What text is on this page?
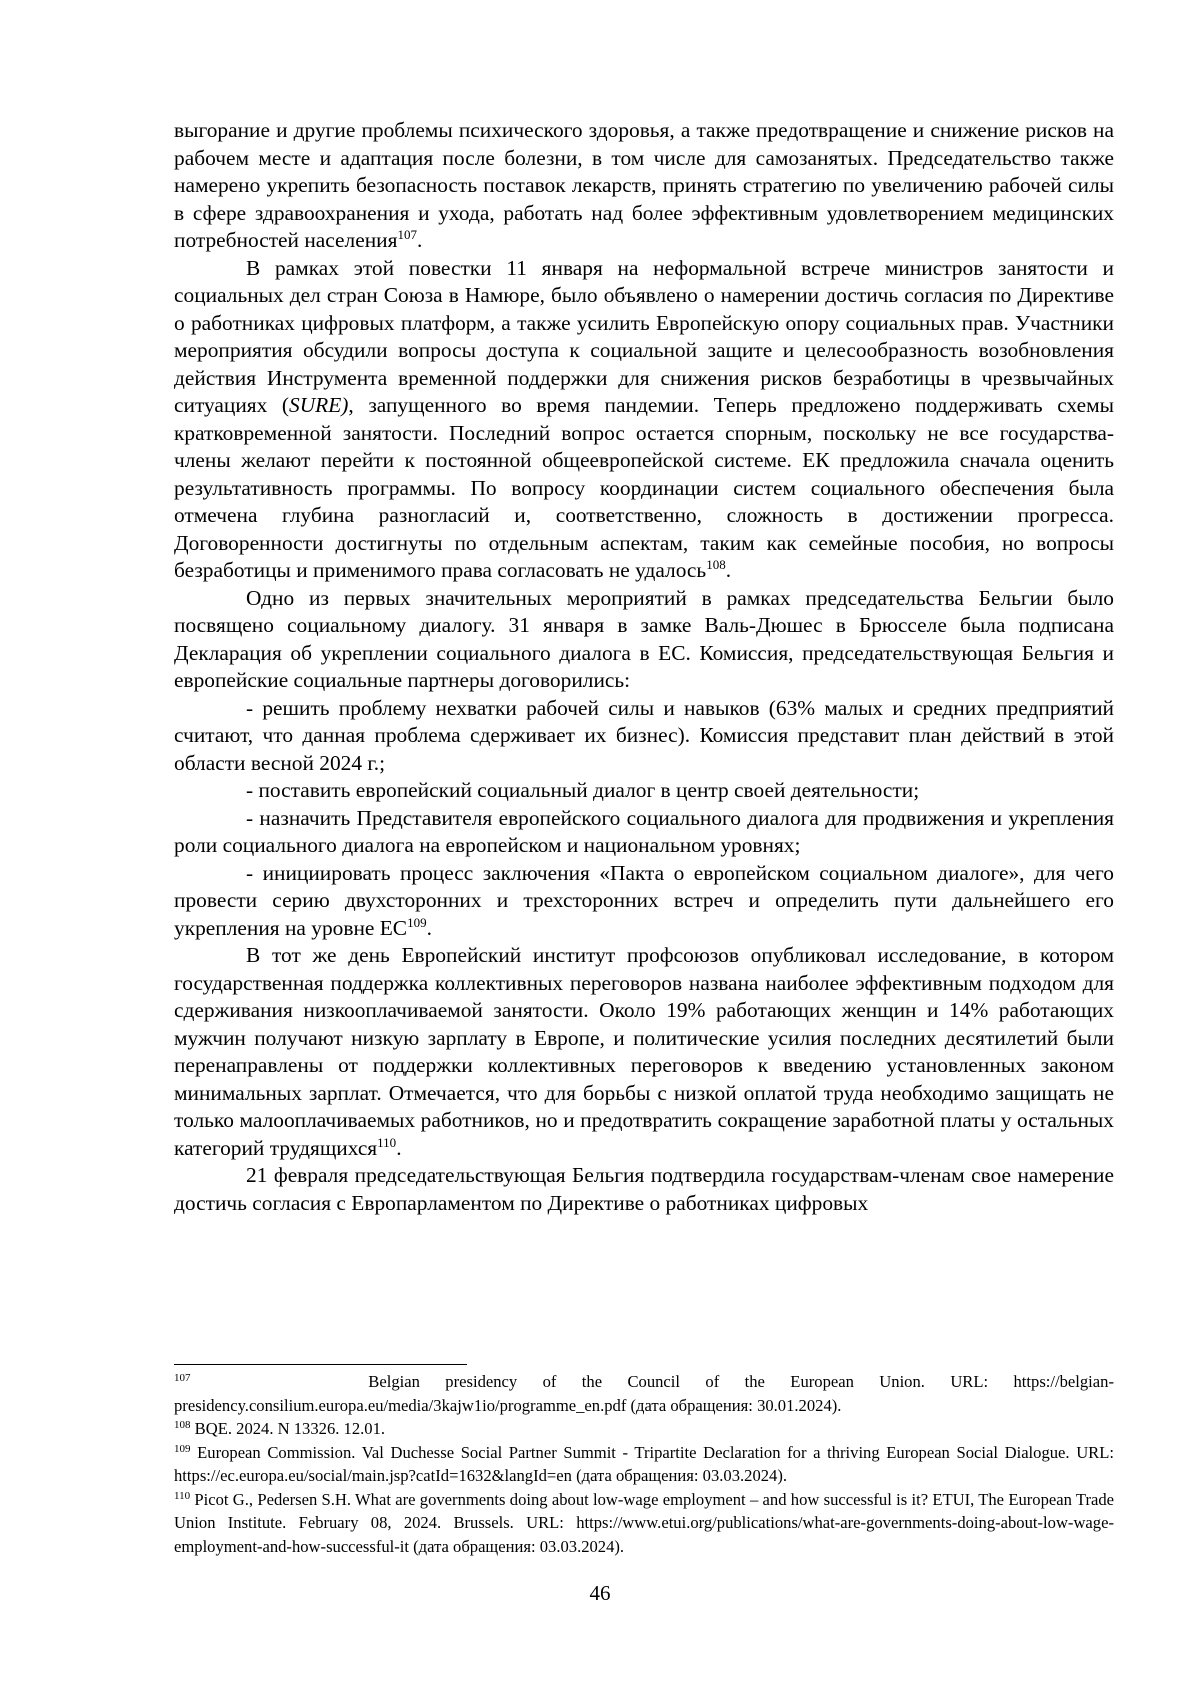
выгорание и другие проблемы психического здоровья, а также предотвращение и снижение рисков на рабочем месте и адаптация после болезни, в том числе для самозанятых. Председательство также намерено укрепить безопасность поставок лекарств, принять стратегию по увеличению рабочей силы в сфере здравоохранения и ухода, работать над более эффективным удовлетворением медицинских потребностей населения$^{107}$.

В рамках этой повестки 11 января на неформальной встрече министров занятости и социальных дел стран Союза в Намюре, было объявлено о намерении достичь согласия по Директиве о работниках цифровых платформ, а также усилить Европейскую опору социальных прав. Участники мероприятия обсудили вопросы доступа к социальной защите и целесообразность возобновления действия Инструмента временной поддержки для снижения рисков безработицы в чрезвычайных ситуациях (SURE), запущенного во время пандемии. Теперь предложено поддерживать схемы кратковременной занятости. Последний вопрос остается спорным, поскольку не все государства-члены желают перейти к постоянной общеевропейской системе. ЕК предложила сначала оценить результативность программы. По вопросу координации систем социального обеспечения была отмечена глубина разногласий и, соответственно, сложность в достижении прогресса. Договоренности достигнуты по отдельным аспектам, таким как семейные пособия, но вопросы безработицы и применимого права согласовать не удалось$^{108}$.

Одно из первых значительных мероприятий в рамках председательства Бельгии было посвящено социальному диалогу. 31 января в замке Валь-Дюшес в Брюсселе была подписана Декларация об укреплении социального диалога в ЕС. Комиссия, председательствующая Бельгия и европейские социальные партнеры договорились:

- решить проблему нехватки рабочей силы и навыков (63% малых и средних предприятий считают, что данная проблема сдерживает их бизнес). Комиссия представит план действий в этой области весной 2024 г.;

- поставить европейский социальный диалог в центр своей деятельности;

- назначить Представителя европейского социального диалога для продвижения и укрепления роли социального диалога на европейском и национальном уровнях;

- инициировать процесс заключения «Пакта о европейском социальном диалоге», для чего провести серию двухсторонних и трехсторонних встреч и определить пути дальнейшего его укрепления на уровне ЕС$^{109}$.

В тот же день Европейский институт профсоюзов опубликовал исследование, в котором государственная поддержка коллективных переговоров названа наиболее эффективным подходом для сдерживания низкооплачиваемой занятости. Около 19% работающих женщин и 14% работающих мужчин получают низкую зарплату в Европе, и политические усилия последних десятилетий были перенаправлены от поддержки коллективных переговоров к введению установленных законом минимальных зарплат. Отмечается, что для борьбы с низкой оплатой труда необходимо защищать не только малооплачиваемых работников, но и предотвратить сокращение заработной платы у остальных категорий трудящихся$^{110}$.

21 февраля председательствующая Бельгия подтвердила государствам-членам свое намерение достичь согласия с Европарламентом по Директиве о работниках цифровых

$^{107}$	Belgian presidency of the Council of the European Union. URL: https://belgian-presidency.consilium.europa.eu/media/3kajw1io/programme_en.pdf (дата обращения: 30.01.2024).

$^{108}$ BQE. 2024. N 13326. 12.01.

$^{109}$ European Commission. Val Duchesse Social Partner Summit - Tripartite Declaration for a thriving European Social Dialogue. URL: https://ec.europa.eu/social/main.jsp?catId=1632&langId=en (дата обращения: 03.03.2024).

$^{110}$ Picot G., Pedersen S.H. What are governments doing about low-wage employment – and how successful is it? ETUI, The European Trade Union Institute. February 08, 2024. Brussels. URL: https://www.etui.org/publications/what-are-governments-doing-about-low-wage-employment-and-how-successful-it (дата обращения: 03.03.2024).

46
